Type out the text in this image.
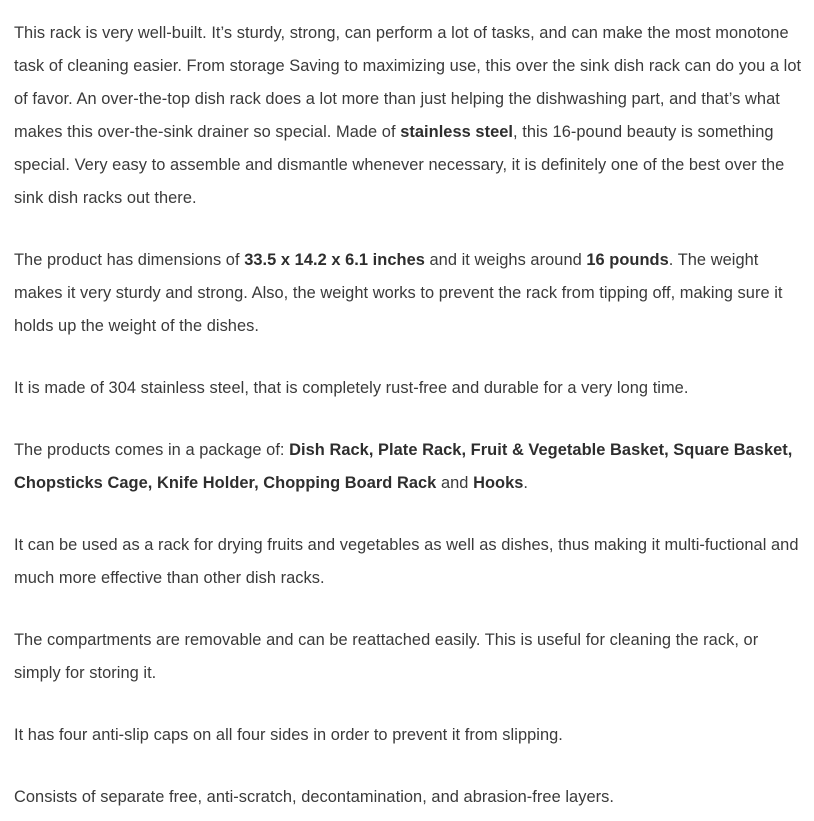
This rack is very well-built. It’s sturdy, strong, can perform a lot of tasks, and can make the most monotone task of cleaning easier. From storage Saving to maximizing use, this over the sink dish rack can do you a lot of favor. An over-the-top dish rack does a lot more than just helping the dishwashing part, and that’s what makes this over-the-sink drainer so special. Made of stainless steel, this 16-pound beauty is something special. Very easy to assemble and dismantle whenever necessary, it is definitely one of the best over the sink dish racks out there.

The product has dimensions of 33.5 x 14.2 x 6.1 inches and it weighs around 16 pounds. The weight makes it very sturdy and strong. Also, the weight works to prevent the rack from tipping off, making sure it holds up the weight of the dishes.

It is made of 304 stainless steel, that is completely rust-free and durable for a very long time.

The products comes in a package of: Dish Rack, Plate Rack, Fruit & Vegetable Basket, Square Basket, Chopsticks Cage, Knife Holder, Chopping Board Rack and Hooks.

It can be used as a rack for drying fruits and vegetables as well as dishes, thus making it multi-fuctional and much more effective than other dish racks.

The compartments are removable and can be reattached easily. This is useful for cleaning the rack, or simply for storing it.

It has four anti-slip caps on all four sides in order to prevent it from slipping.

Consists of separate free, anti-scratch, decontamination, and abrasion-free layers.
